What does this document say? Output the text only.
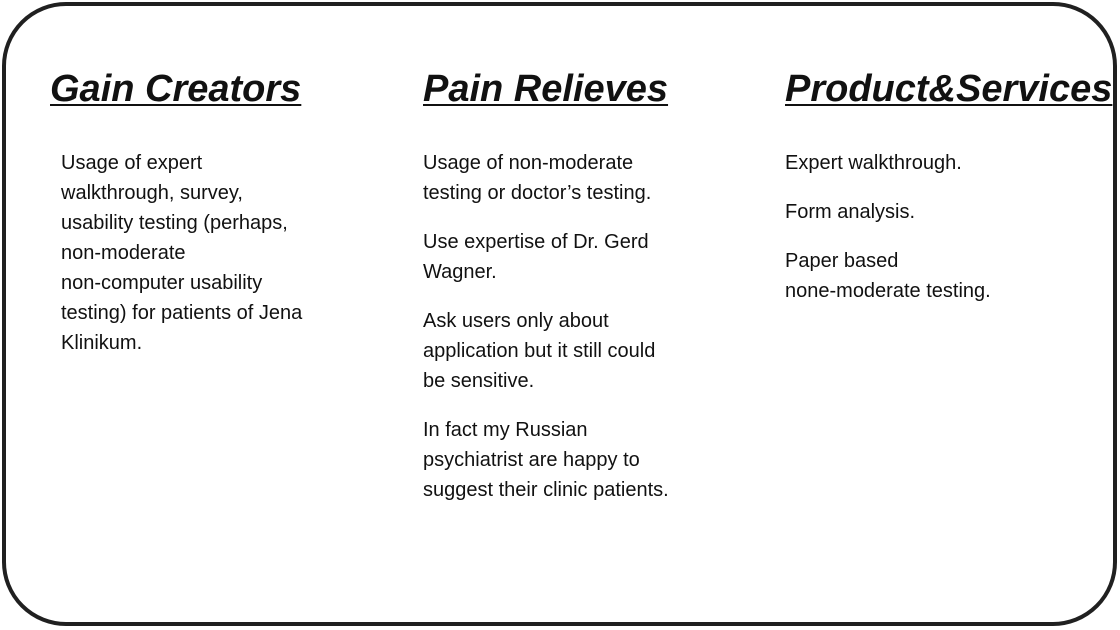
Gain Creators

Usage of expert
walkthrough, survey,
usability testing (perhaps,
non-moderate
non-computer usability
testing) for patients of Jena
Klinikum.

Pain Relieves

Usage of non-moderate
testing or doctor’s testing.

Use expertise of Dr. Gerd
Wagner.

Ask users only about
application but it still could
be sensitive.

In fact my Russian
psychiatrist are happy to
suggest their clinic patients.

Product&Services

Expert walkthrough.

Form analysis.

Paper based
none-moderate testing.
